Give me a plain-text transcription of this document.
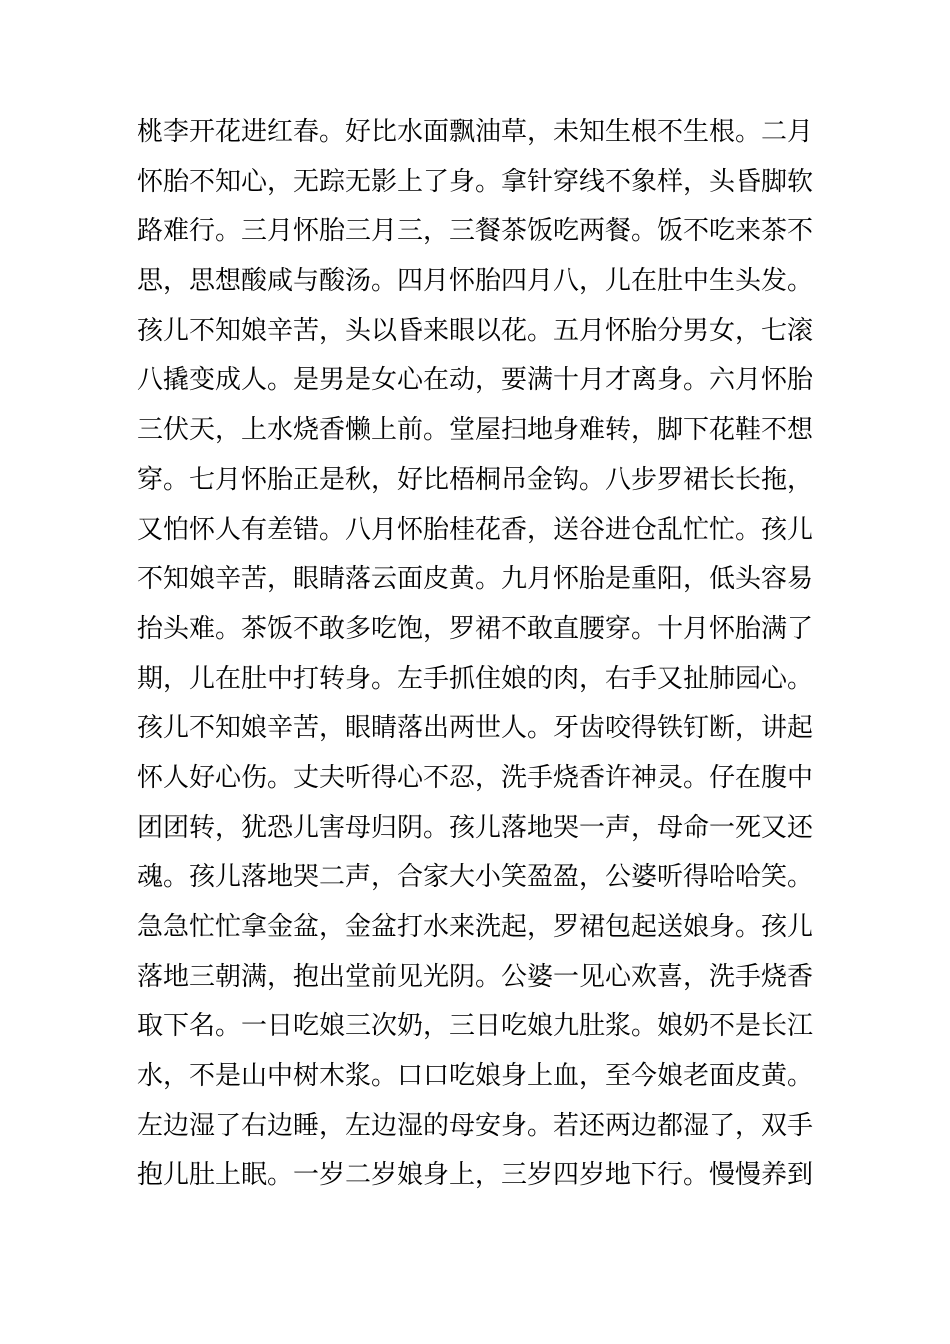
桃李开花进红春。好比水面飘油草，未知生根不生根。二月
怀胎不知心，无踪无影上了身。拿针穿线不象样，头昏脚软
路难行。三月怀胎三月三，三餐茶饭吃两餐。饭不吃来茶不
思，思想酸咸与酸汤。四月怀胎四月八，儿在肚中生头发。
孩儿不知娘辛苦，头以昏来眼以花。五月怀胎分男女，七滚
八撬变成人。是男是女心在动，要满十月才离身。六月怀胎
三伏天，上水烧香懒上前。堂屋扫地身难转，脚下花鞋不想
穿。七月怀胎正是秋，好比梧桐吊金钩。八步罗裙长长拖，
又怕怀人有差错。八月怀胎桂花香，送谷进仓乱忙忙。孩儿
不知娘辛苦，眼睛落云面皮黄。九月怀胎是重阳，低头容易
抬头难。茶饭不敢多吃饱，罗裙不敢直腰穿。十月怀胎满了
期，儿在肚中打转身。左手抓住娘的肉，右手又扯肺园心。
孩儿不知娘辛苦，眼睛落出两世人。牙齿咬得铁钉断，讲起
怀人好心伤。丈夫听得心不忍，洗手烧香许神灵。仔在腹中
团团转，犹恐儿害母归阴。孩儿落地哭一声，母命一死又还
魂。孩儿落地哭二声，合家大小笑盈盈，公婆听得哈哈笑。
急急忙忙拿金盆，金盆打水来洗起，罗裙包起送娘身。孩儿
落地三朝满，抱出堂前见光阴。公婆一见心欢喜，洗手烧香
取下名。一日吃娘三次奶，三日吃娘九肚浆。娘奶不是长江
水，不是山中树木浆。口口吃娘身上血，至今娘老面皮黄。
左边湿了右边睡，左边湿的母安身。若还两边都湿了，双手
抱儿肚上眠。一岁二岁娘身上，三岁四岁地下行。慢慢养到
